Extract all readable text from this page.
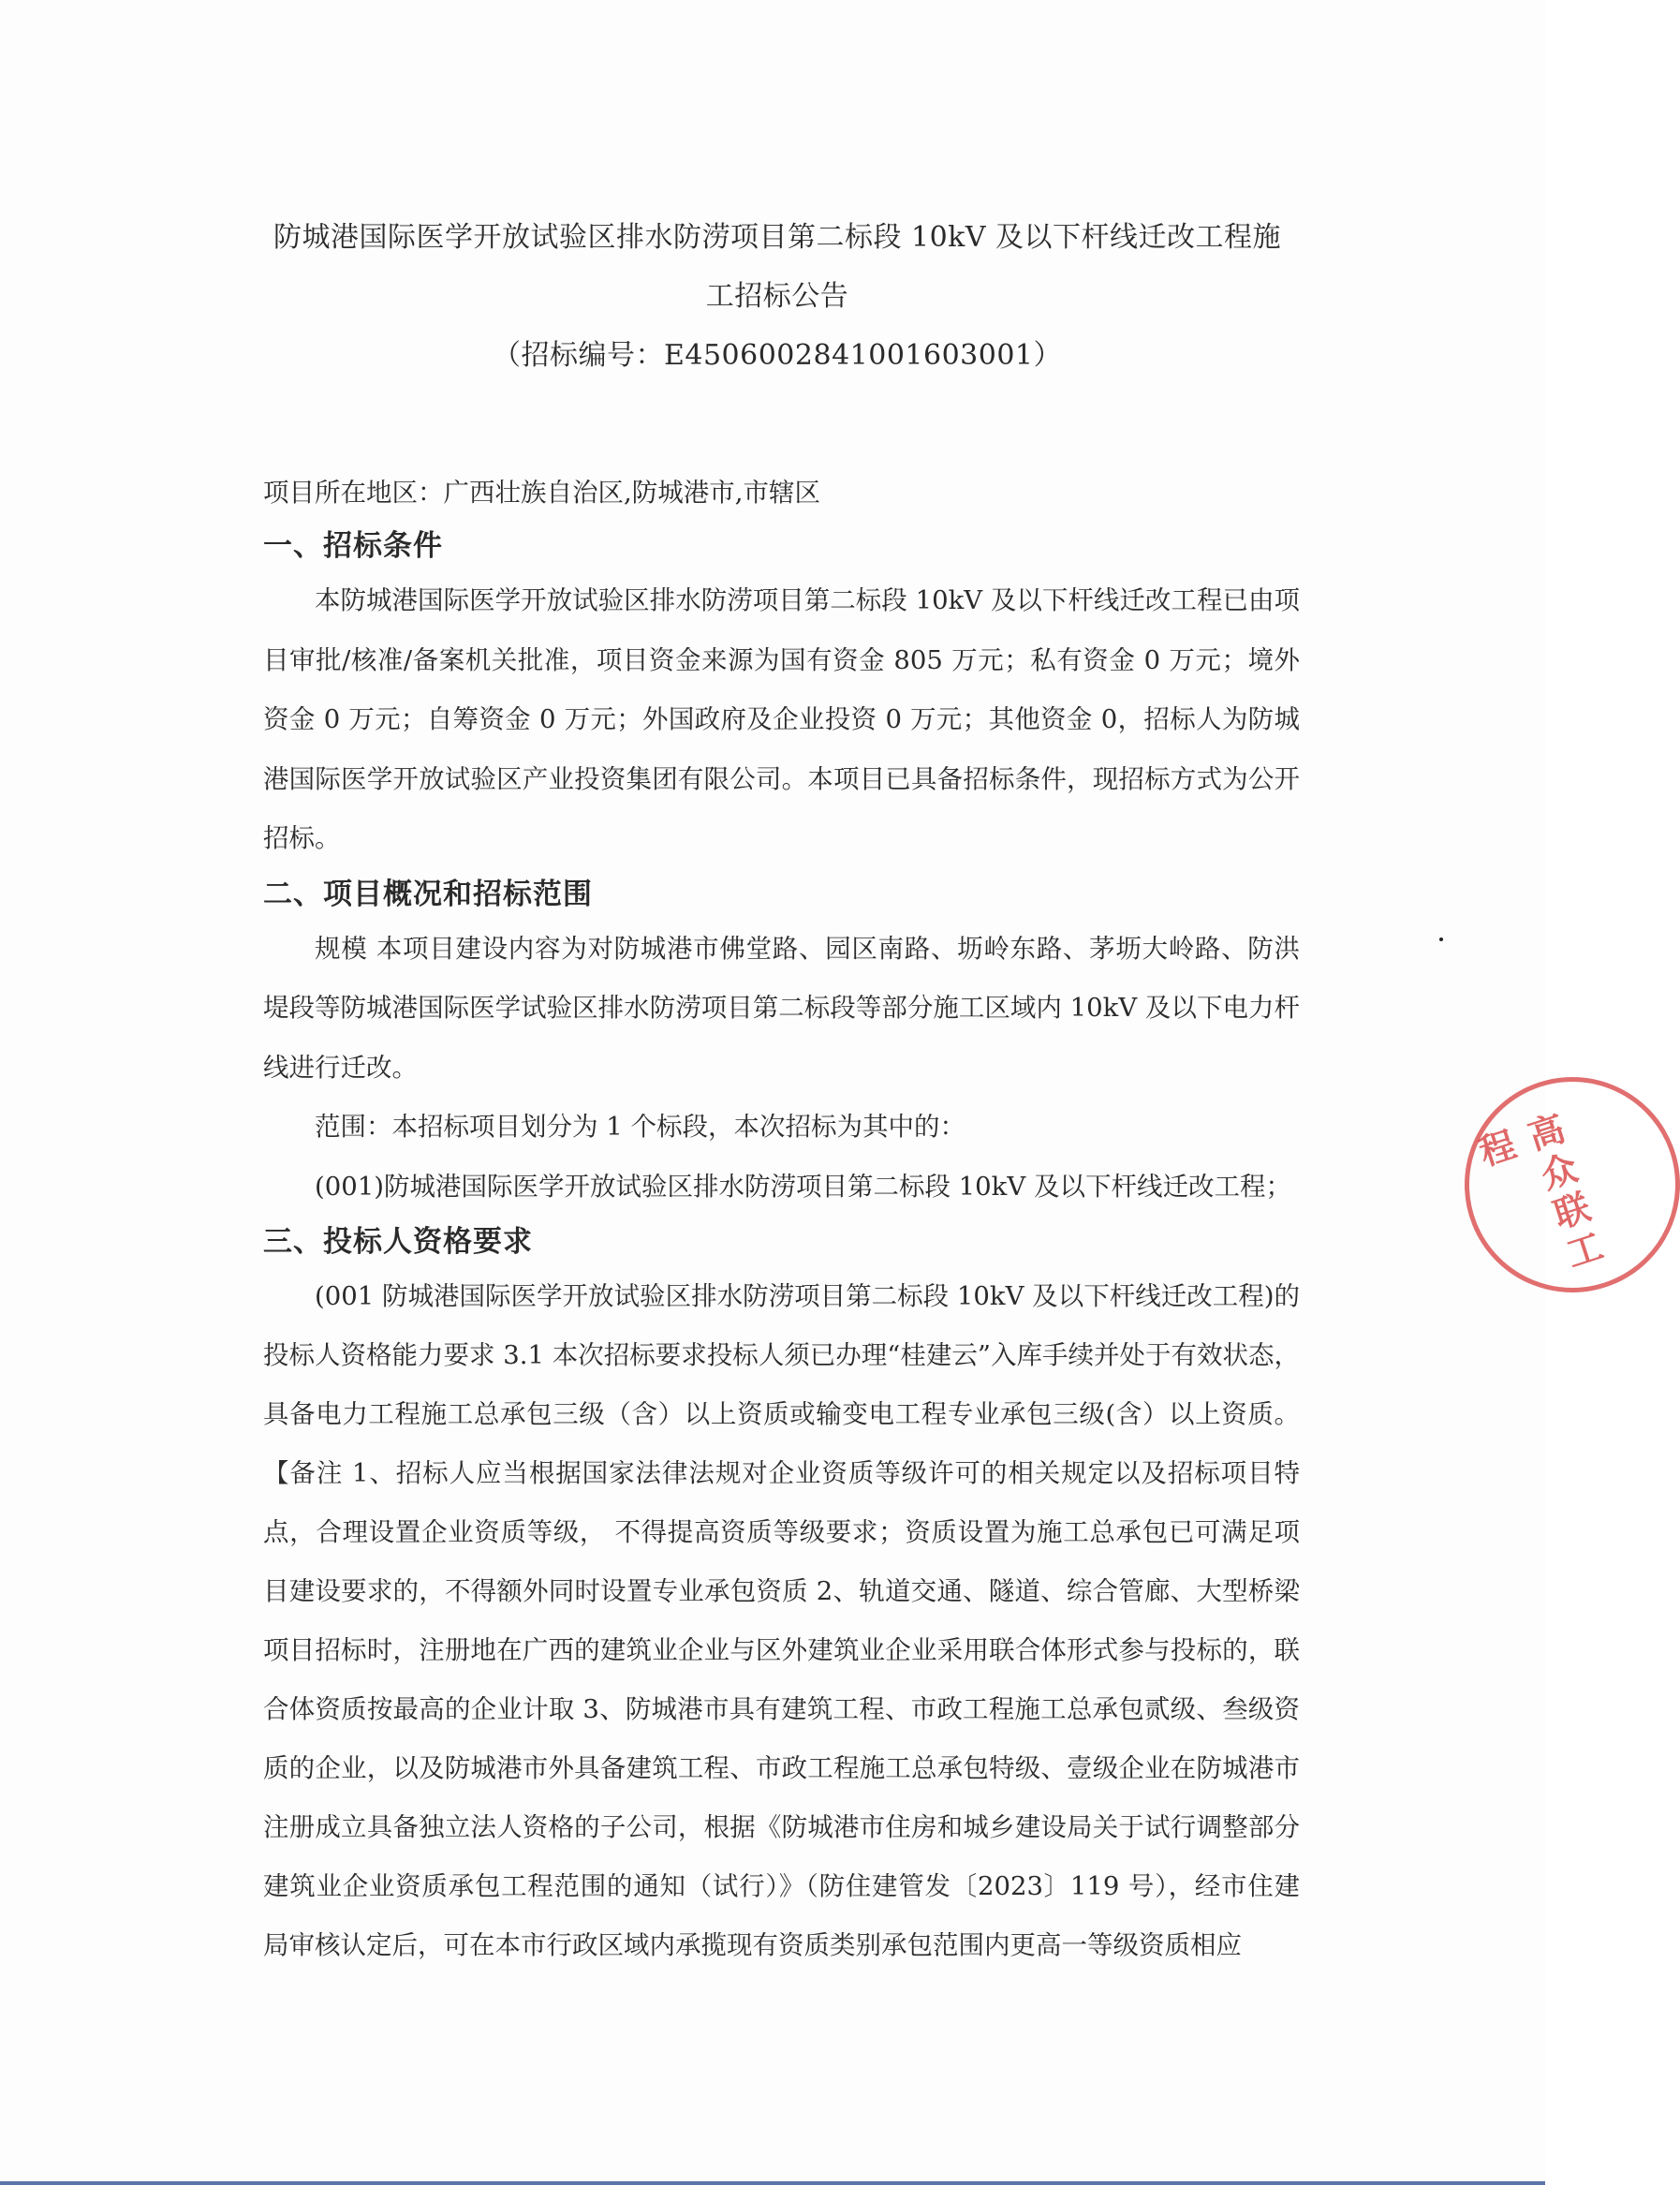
防城港国际医学开放试验区排水防涝项目第二标段 10kV 及以下杆线迁改工程施
工招标公告
（招标编号：E4506002841001603001）
项目所在地区：广西壮族自治区,防城港市,市辖区
一、招标条件

本防城港国际医学开放试验区排水防涝项目第二标段 10kV 及以下杆线迁改工程已由项目审批/核准/备案机关批准，项目资金来源为国有资金 805 万元；私有资金 0 万元；境外资金 0 万元；自筹资金 0 万元；外国政府及企业投资 0 万元；其他资金 0，招标人为防城港国际医学开放试验区产业投资集团有限公司。本项目已具备招标条件，现招标方式为公开招标。

二、项目概况和招标范围

规模 本项目建设内容为对防城港市佛堂路、园区南路、坜岭东路、茅坜大岭路、防洪堤段等防城港国际医学试验区排水防涝项目第二标段等部分施工区域内 10kV 及以下电力杆线进行迁改。

范围：本招标项目划分为 1 个标段，本次招标为其中的：

(001)防城港国际医学开放试验区排水防涝项目第二标段 10kV 及以下杆线迁改工程；

三、投标人资格要求

(001 防城港国际医学开放试验区排水防涝项目第二标段 10kV 及以下杆线迁改工程)的投标人资格能力要求 3.1 本次招标要求投标人须已办理“桂建云”入库手续并处于有效状态，具备电力工程施工总承包三级（含）以上资质或输变电工程专业承包三级(含）以上资质。【备注 1、招标人应当根据国家法律法规对企业资质等级许可的相关规定以及招标项目特点，合理设置企业资质等级， 不得提高资质等级要求；资质设置为施工总承包已可满足项目建设要求的，不得额外同时设置专业承包资质 2、轨道交通、隧道、综合管廊、大型桥梁项目招标时，注册地在广西的建筑业企业与区外建筑业企业采用联合体形式参与投标的，联合体资质按最高的企业计取 3、防城港市具有建筑工程、市政工程施工总承包贰级、叁级资质的企业，以及防城港市外具备建筑工程、市政工程施工总承包特级、壹级企业在防城港市注册成立具备独立法人资格的子公司，根据《防城港市住房和城乡建设局关于试行调整部分建筑业企业资质承包工程范围的通知（试行）》（防住建管发〔2023〕119 号），经市住建局审核认定后，可在本市行政区域内承揽现有资质类别承包范围内更高一等级资质相应

高众联工程
